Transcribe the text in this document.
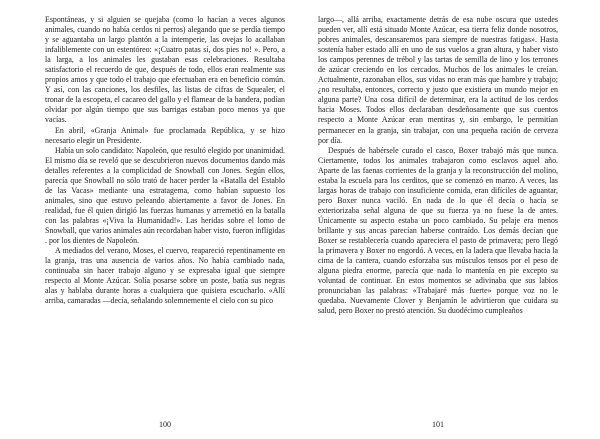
Espontáneas, y si alguien se quejaba (como lo hacían a veces algunos animales, cuando no había cerdos ni perros) alegando que se perdía tiempo y se aguantaba un largo plantón a la intemperie, las ovejas lo acallaban infaliblemente con un estentóreo: «¡Cuatro patas sí, dos pies no! ». Pero, a la larga, a los animales les gustaban esas celebraciones. Resultaba satisfactorio el recuerdo de que, después de todo, ellos eran realmente sus propios amos y que todo el trabajo que efectuaban era en beneficio común. Y así, con las canciones, los desfiles, las listas de cifras de Squealer, el tronar de la escopeta, el cacareo del gallo y el flamear de la bandera, podían olvidar por algún tiempo que sus barrigas estaban poco menos ya que vacías.

En abril, «Granja Animal» fue proclamada República, y se hizo necesario elegir un Presidente.

Había un solo candidato: Napoleón, que resultó elegido por unanimidad. El mismo día se reveló que se descubrieron nuevos documentos dando más detalles referentes a la complicidad de Snowball con Jones. Según ellos, parecía que Snowball no sólo trató de hacer perder la «Batalla del Establo de las Vacas» mediante una estratagema, como habían supuesto los animales, sino que estuvo peleando abiertamente a favor de Jones. En realidad, fue él quien dirigió las fuerzas humanas y arremetió en la batalla con las palabras «¡Viva la Humanidad!». Las heridas sobre el lomo de Snowball, que varios animales aún recordaban haber visto, fueron infligidas . por los dientes de Napoleón.

A mediados del verano, Moses, el cuervo, reapareció repentinamente en la granja, tras una ausencia de varios años. No había cambiado nada, continuaba sin hacer trabajo alguno y se expresaba igual que siempre respecto al Monte Azúcar. Solía posarse sobre un poste, batía sus negras alas y hablaba durante horas a cualquiera que quisiera escucharlo. «Allí arriba, camaradas —decía, señalando solemnemente el cielo con su pico

100

largo—, allá arriba, exactamente detrás de esa nube oscura que ustedes pueden ver, allí está situado Monte Azúcar, esa tierra feliz donde nosotros, pobres animales, descansaremos para siempre de nuestras fatigas». Hasta sostenía haber estado allí en uno de sus vuelos a gran altura, y haber visto los campos perennes de trébol y las tartas de semilla de lino y los terrones de azúcar creciendo en los cercados. Muchos de los animales le creían. Actualmente, razonaban ellos, sus vidas no eran más que hambre y trabajo; ¿no resultaba, entonces, correcto y justo que existiera un mundo mejor en alguna parte? Una cosa difícil de determinar, era la actitud de los cerdos hacia Moses. Todos ellos declaraban desdeñosamente que sus cuentos respecto a Monte Azúcar eran mentiras y, sin embargo, le permitían permanecer en la granja, sin trabajar, con una pequeña ración de cerveza por día.

Después de habérsele curado el casco, Boxer trabajó más que nunca. Ciertamente, todos los animales trabajaron como esclavos aquel año. Aparte de las faenas corrientes de la granja y la reconstrucción del molino, estaba la escuela para los cerditos, que se comenzó en marzo. A veces, las largas horas de trabajo con insuficiente comida, eran difíciles de aguantar, pero Boxer nunca vaciló. En nada de lo que él decía o hacía se exteriorizaba señal alguna de que su fuerza ya no fuese la de antes. Únicamente su aspecto estaba un poco cambiado. Su pelaje era menos brillante y sus ancas parecían haberse contraído. Los demás decían que Boxer se restablecería cuando apareciera el pasto de primavera; pero llegó la primavera y Boxer no engordó. A veces, en la ladera que llevaba hacia la cima de la cantera, cuando esforzaba sus músculos tensos por el peso de alguna piedra enorme, parecía que nada lo mantenía en pie excepto su voluntad de continuar. En estos momentos se adivinaba que sus labios pronunciaban las palabras: «Trabajaré más fuerte» porque voz no le quedaba. Nuevamente Clover y Benjamín le advirtieron que cuidara su salud, pero Boxer no prestó atención. Su duodécimo cumpleaños

101
